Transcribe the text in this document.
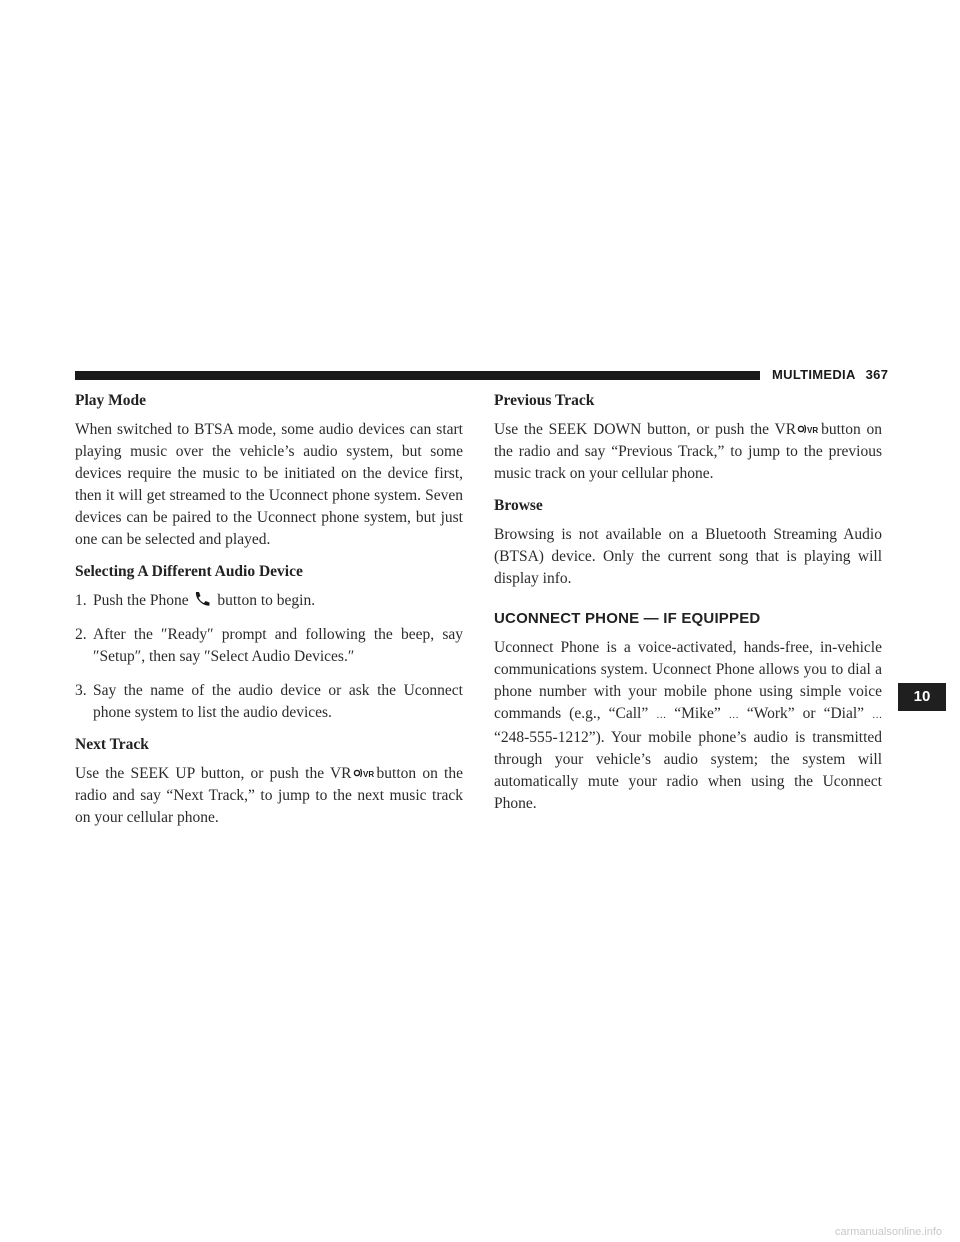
MULTIMEDIA 367
Play Mode

When switched to BTSA mode, some audio devices can start playing music over the vehicle’s audio system, but some devices require the music to be initiated on the device first, then it will get streamed to the Uconnect phone system. Seven devices can be paired to the Uconnect phone system, but just one can be selected and played.

Selecting A Different Audio Device
1. Push the Phone button to begin.
2. After the ″Ready″ prompt and following the beep, say ″Setup″, then say ″Select Audio Devices.″
3. Say the name of the audio device or ask the Uconnect phone system to list the audio devices.
Next Track

Use the SEEK UP button, or push the VR VR button on the radio and say “Next Track,” to jump to the next music track on your cellular phone.

Previous Track

Use the SEEK DOWN button, or push the VR VR button on the radio and say “Previous Track,” to jump to the previous music track on your cellular phone.

Browse

Browsing is not available on a Bluetooth Streaming Audio (BTSA) device. Only the current song that is playing will display info.

UCONNECT PHONE — IF EQUIPPED

Uconnect Phone is a voice-activated, hands-free, in-vehicle communications system. Uconnect Phone allows you to dial a phone number with your mobile phone using simple voice commands (e.g., “Call” … “Mike” … “Work” or “Dial” … “248-555-1212”). Your mobile phone’s audio is transmitted through your vehicle’s audio system; the system will automatically mute your radio when using the Uconnect Phone.

10
carmanualsonline.info
